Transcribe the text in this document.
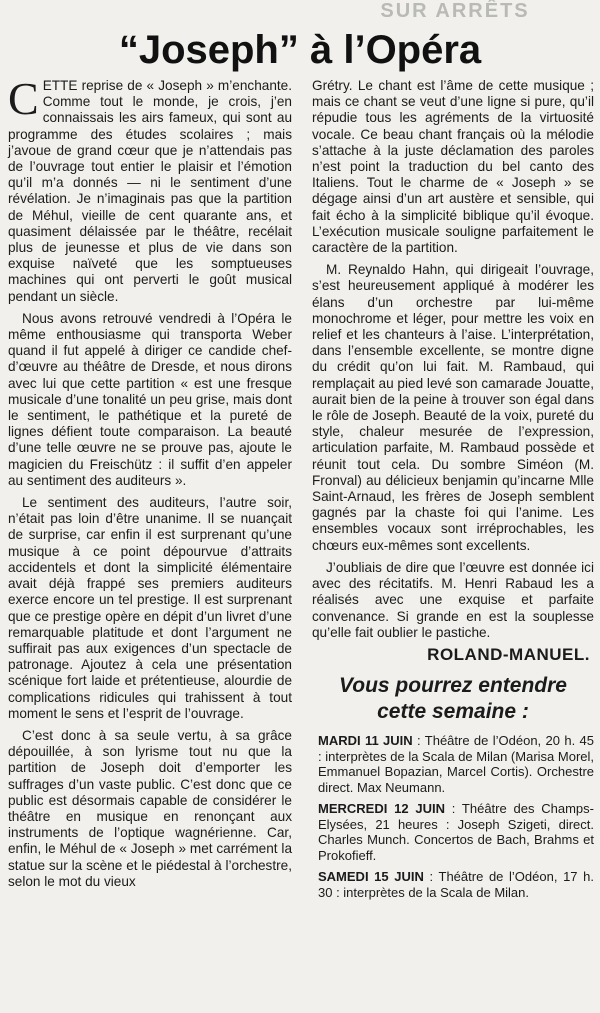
SUR ARRÊTS
“Joseph” à l’Opéra

CETTE reprise de « Joseph » m’enchante. Comme tout le monde, je crois, j’en connaissais les airs fameux, qui sont au programme des études scolaires ; mais j’avoue de grand cœur que je n’attendais pas de l’ouvrage tout entier le plaisir et l’émotion qu’il m’a donnés — ni le sentiment d’une révélation. Je n’imaginais pas que la partition de Méhul, vieille de cent quarante ans, et quasiment délaissée par le théâtre, recélait plus de jeunesse et plus de vie dans son exquise naïveté que les somptueuses machines qui ont perverti le goût musical pendant un siècle.

Nous avons retrouvé vendredi à l’Opéra le même enthousiasme qui transporta Weber quand il fut appelé à diriger ce candide chef-d’œuvre au théâtre de Dresde, et nous dirons avec lui que cette partition « est une fresque musicale d’une tonalité un peu grise, mais dont le sentiment, le pathétique et la pureté de lignes défient toute comparaison. La beauté d’une telle œuvre ne se prouve pas, ajoute le magicien du Freischütz : il suffit d’en appeler au sentiment des auditeurs ».

Le sentiment des auditeurs, l’autre soir, n’était pas loin d’être unanime. Il se nuançait de surprise, car enfin il est surprenant qu’une musique à ce point dépourvue d’attraits accidentels et dont la simplicité élémentaire avait déjà frappé ses premiers auditeurs exerce encore un tel prestige. Il est surprenant que ce prestige opère en dépit d’un livret d’une remarquable platitude et dont l’argument ne suffirait pas aux exigences d’un spectacle de patronage. Ajoutez à cela une présentation scénique fort laide et prétentieuse, alourdie de complications ridicules qui trahissent à tout moment le sens et l’esprit de l’ouvrage.

C’est donc à sa seule vertu, à sa grâce dépouillée, à son lyrisme tout nu que la partition de Joseph doit d’emporter les suffrages d’un vaste public. C’est donc que ce public est désormais capable de considérer le théâtre en musique en renonçant aux instruments de l’optique wagnérienne. Car, enfin, le Méhul de « Joseph » met carrément la statue sur la scène et le piédestal à l’orchestre, selon le mot du vieux

Grétry. Le chant est l’âme de cette musique ; mais ce chant se veut d’une ligne si pure, qu’il répudie tous les agréments de la virtuosité vocale. Ce beau chant français où la mélodie s’attache à la juste déclamation des paroles n’est point la traduction du bel canto des Italiens. Tout le charme de « Joseph » se dégage ainsi d’un art austère et sensible, qui fait écho à la simplicité biblique qu’il évoque. L’exécution musicale souligne parfaitement le caractère de la partition.

M. Reynaldo Hahn, qui dirigeait l’ouvrage, s’est heureusement appliqué à modérer les élans d’un orchestre par lui-même monochrome et léger, pour mettre les voix en relief et les chanteurs à l’aise. L’interprétation, dans l’ensemble excellente, se montre digne du crédit qu’on lui fait. M. Rambaud, qui remplaçait au pied levé son camarade Jouatte, aurait bien de la peine à trouver son égal dans le rôle de Joseph. Beauté de la voix, pureté du style, chaleur mesurée de l’expression, articulation parfaite, M. Rambaud possède et réunit tout cela. Du sombre Siméon (M. Fronval) au délicieux benjamin qu’incarne Mlle Saint-Arnaud, les frères de Joseph semblent gagnés par la chaste foi qui l’anime. Les ensembles vocaux sont irréprochables, les chœurs eux-mêmes sont excellents.

J’oubliais de dire que l’œuvre est donnée ici avec des récitatifs. M. Henri Rabaud les a réalisés avec une exquise et parfaite convenance. Si grande en est la souplesse qu’elle fait oublier le pastiche.

ROLAND-MANUEL.
Vous pourrez entendre
cette semaine :

MARDI 11 JUIN : Théâtre de l’Odéon, 20 h. 45 : interprètes de la Scala de Milan (Marisa Morel, Emmanuel Bopazian, Marcel Cortis). Orchestre direct. Max Neumann.

MERCREDI 12 JUIN : Théâtre des Champs-Elysées, 21 heures : Joseph Szigeti, direct. Charles Munch. Concertos de Bach, Brahms et Prokofieff.

SAMEDI 15 JUIN : Théâtre de l’Odéon, 17 h. 30 : interprètes de la Scala de Milan.
